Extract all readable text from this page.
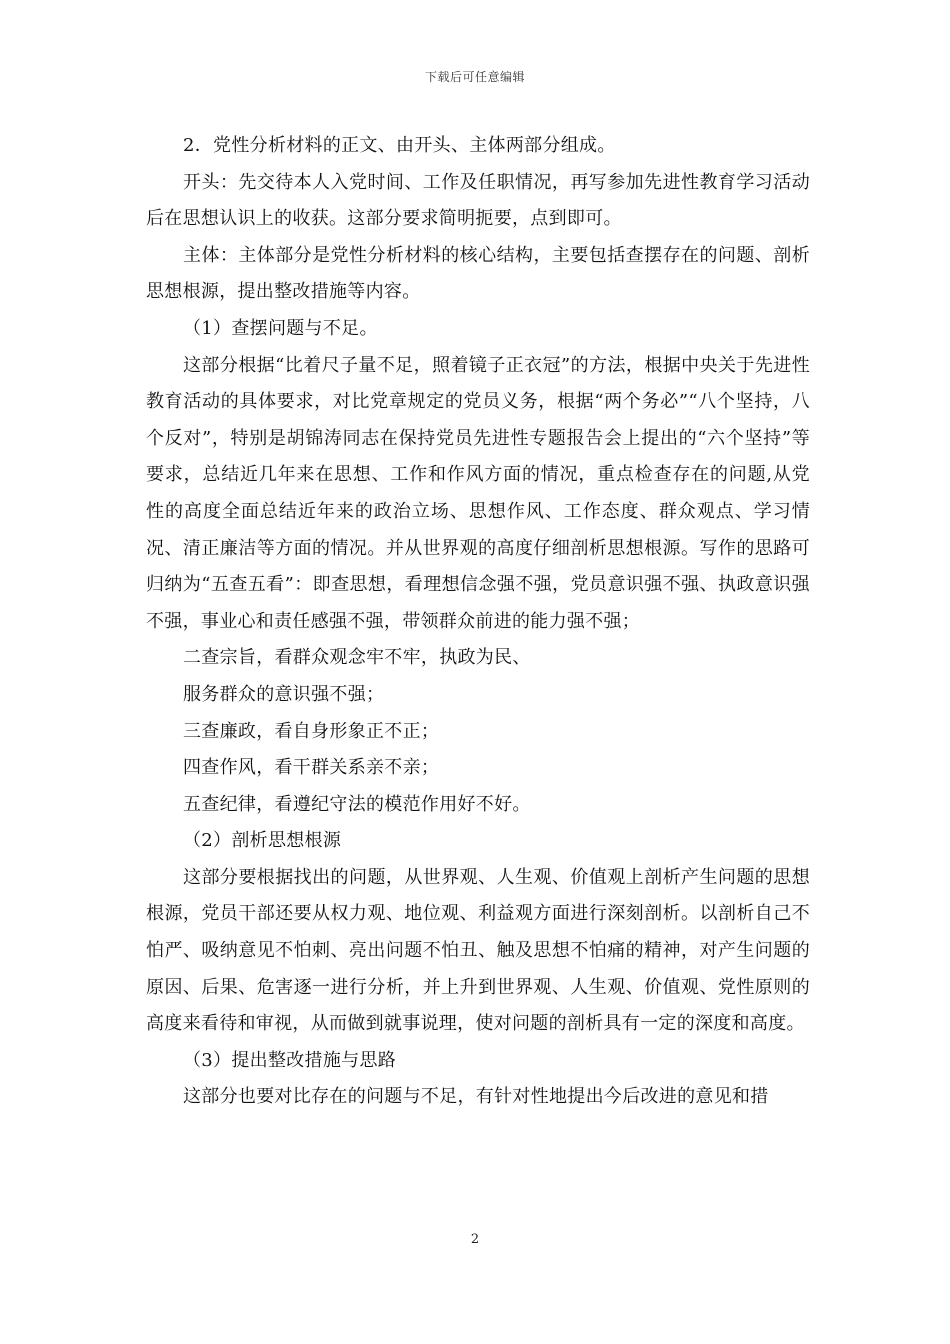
下载后可任意编辑

2．党性分析材料的正文、由开头、主体两部分组成。

开头：先交待本人入党时间、工作及任职情况，再写参加先进性教育学习活动后在思想认识上的收获。这部分要求简明扼要，点到即可。

主体：主体部分是党性分析材料的核心结构，主要包括查摆存在的问题、剖析思想根源，提出整改措施等内容。

（1）查摆问题与不足。

这部分根据“比着尺子量不足，照着镜子正衣冠”的方法，根据中央关于先进性教育活动的具体要求，对比党章规定的党员义务，根据“两个务必”“八个坚持，八个反对”，特别是胡锦涛同志在保持党员先进性专题报告会上提出的“六个坚持”等要求，总结近几年来在思想、工作和作风方面的情况，重点检查存在的问题,从党性的高度全面总结近年来的政治立场、思想作风、工作态度、群众观点、学习情况、清正廉洁等方面的情况。并从世界观的高度仔细剖析思想根源。写作的思路可归纳为“五查五看”：即查思想，看理想信念强不强，党员意识强不强、执政意识强不强，事业心和责任感强不强，带领群众前进的能力强不强；

二查宗旨，看群众观念牢不牢，执政为民、

服务群众的意识强不强；

三查廉政，看自身形象正不正；

四查作风，看干群关系亲不亲；

五查纪律，看遵纪守法的模范作用好不好。

（2）剖析思想根源

这部分要根据找出的问题，从世界观、人生观、价值观上剖析产生问题的思想根源，党员干部还要从权力观、地位观、利益观方面进行深刻剖析。以剖析自己不怕严、吸纳意见不怕刺、亮出问题不怕丑、触及思想不怕痛的精神，对产生问题的原因、后果、危害逐一进行分析，并上升到世界观、人生观、价值观、党性原则的高度来看待和审视，从而做到就事说理，使对问题的剖析具有一定的深度和高度。

（3）提出整改措施与思路

这部分也要对比存在的问题与不足，有针对性地提出今后改进的意见和措

2
